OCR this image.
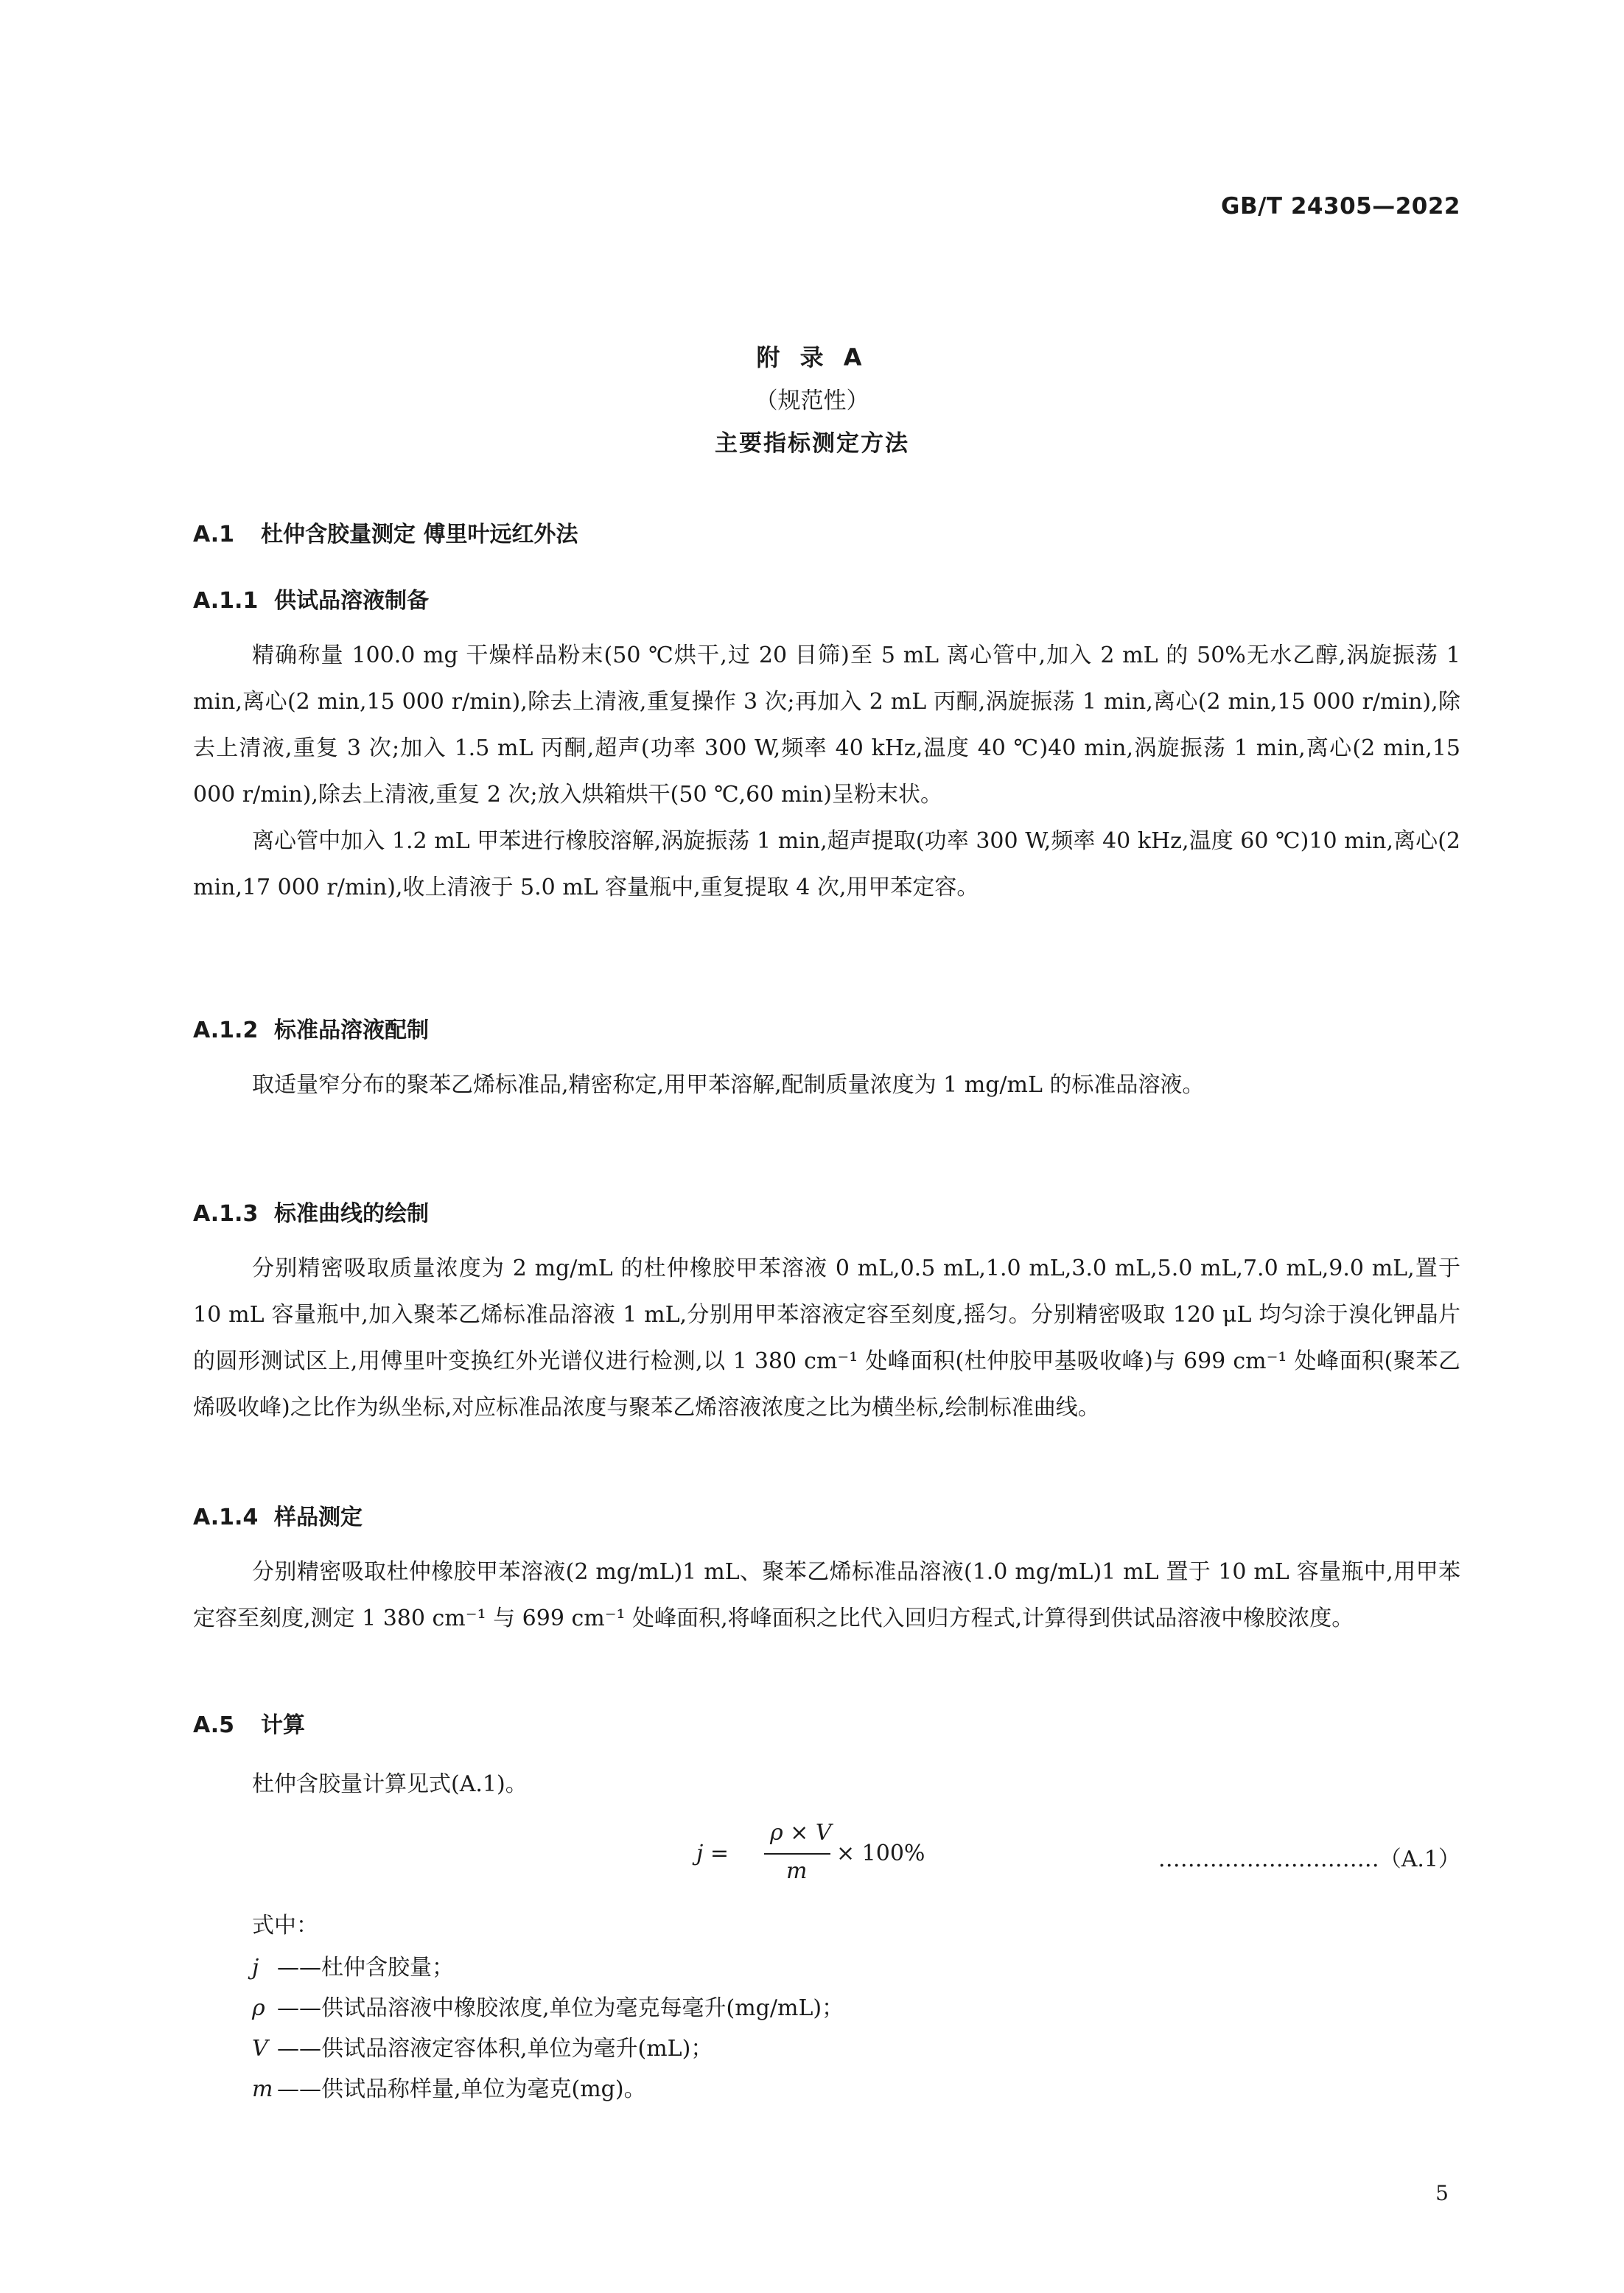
GB/T 24305—2022
附 录 A
（规范性）
主要指标测定方法
A.1 杜仲含胶量测定 傅里叶远红外法
A.1.1 供试品溶液制备

精确称量 100.0 mg 干燥样品粉末(50 ℃烘干,过 20 目筛)至 5 mL 离心管中,加入 2 mL 的 50%无水乙醇,涡旋振荡 1 min,离心(2 min,15 000 r/min),除去上清液,重复操作 3 次;再加入 2 mL 丙酮,涡旋振荡 1 min,离心(2 min,15 000 r/min),除去上清液,重复 3 次;加入 1.5 mL 丙酮,超声(功率 300 W,频率 40 kHz,温度 40 ℃)40 min,涡旋振荡 1 min,离心(2 min,15 000 r/min),除去上清液,重复 2 次;放入烘箱烘干(50 ℃,60 min)呈粉末状。

离心管中加入 1.2 mL 甲苯进行橡胶溶解,涡旋振荡 1 min,超声提取(功率 300 W,频率 40 kHz,温度 60 ℃)10 min,离心(2 min,17 000 r/min),收上清液于 5.0 mL 容量瓶中,重复提取 4 次,用甲苯定容。

A.1.2 标准品溶液配制

取适量窄分布的聚苯乙烯标准品,精密称定,用甲苯溶解,配制质量浓度为 1 mg/mL 的标准品溶液。

A.1.3 标准曲线的绘制

分别精密吸取质量浓度为 2 mg/mL 的杜仲橡胶甲苯溶液 0 mL,0.5 mL,1.0 mL,3.0 mL,5.0 mL,7.0 mL,9.0 mL,置于 10 mL 容量瓶中,加入聚苯乙烯标准品溶液 1 mL,分别用甲苯溶液定容至刻度,摇匀。分别精密吸取 120 μL 均匀涂于溴化钾晶片的圆形测试区上,用傅里叶变换红外光谱仪进行检测,以 1 380 cm⁻¹ 处峰面积(杜仲胶甲基吸收峰)与 699 cm⁻¹ 处峰面积(聚苯乙烯吸收峰)之比作为纵坐标,对应标准品浓度与聚苯乙烯溶液浓度之比为横坐标,绘制标准曲线。

A.1.4 样品测定

分别精密吸取杜仲橡胶甲苯溶液(2 mg/mL)1 mL、聚苯乙烯标准品溶液(1.0 mg/mL)1 mL 置于 10 mL 容量瓶中,用甲苯定容至刻度,测定 1 380 cm⁻¹ 与 699 cm⁻¹ 处峰面积,将峰面积之比代入回归方程式,计算得到供试品溶液中橡胶浓度。

A.5 计算
杜仲含胶量计算见式(A.1)。
j =
ρ × V
m
× 100%	…………………………（A.1）
式中：
j ——杜仲含胶量；
ρ ——供试品溶液中橡胶浓度,单位为毫克每毫升(mg/mL)；
V ——供试品溶液定容体积,单位为毫升(mL)；
m ——供试品称样量,单位为毫克(mg)。
5
